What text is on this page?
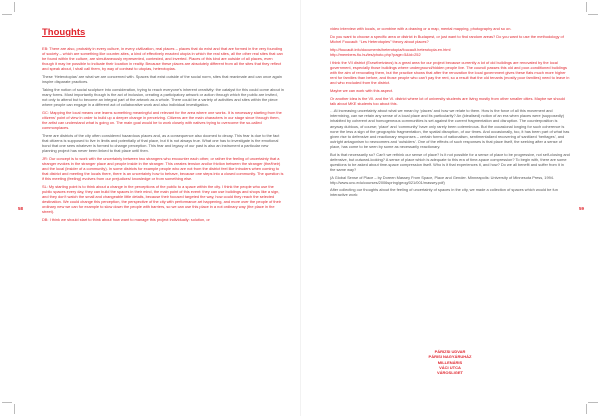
Thoughts

EB: There are also, probably in every culture, in every civilization, real places – places that do exist and that are formed in the very founding of society – which are something like counter-sites, a kind of effectively enacted utopia in which the real sites, all the other real sites that can be found within the culture, are simultaneously represented, contested, and inverted. Places of this kind are outside of all places, even though it may be possible to indicate their location in reality. Because these places are absolutely different from all the sites that they reflect and speak about, I shall call them, by way of contrast to utopias, heterotopias.

These ‘Heterotopias’ are what we are concerned with. Spaces that exist outside of the social norm, sites that reanimate and can once again inspire disparate practices.

Taking the notion of social sculpture into consideration, trying to reach everyone’s inherent creativity: the catalyst for this could come about in many forms. Most importantly though is the act of inclusion, creating a participatory artwork or action through which the public are invited, not only to attend but to become an integral part of the artwork as a whole. There could be a variety of activities and sites within the piece where people can engage in a different act of collaborative work and also individual investigation.

GC: Mapping the local means one learns something meaningful and relevant for the area where one works. It is necessary starting from the citizens’ point of view in order to build up a deeper change in perceiving. Citizens are the main characters in our stage since through them, the artist can understand what is going on. The main goal would be to work closely with natives trying to overcome the so-called commonplaces.

There are districts of the city often considered hazardous places and, as a consequence also doomed to decay. This fear is due to the fact that citizens is supposed to live in limits and potentially of that place, but it is not always true. What one has to investigate is the emotional bond that one sees whatever is formed to change perception. This fear and legacy of our past is also an instrument a particular new planning project has never been linked to that place until then.

JR: Our concept is to work with the uncertainty between two strangers who encounter each other, or rather the feeling of uncertainty that a stranger evokes in the stranger place and people inside in the stranger. This creates tension and/or friction between the stranger (the/their) and the local (insider of a community). In some districts for example people who are not from the district feel like intruders when coming to that district and meeting the locals there, there is an uncertainty how to behave, because one steps into a closed community. The question is if this meeting (feeling) evolves from our prejudices/ knowledge or from something else.

SL: My starting point is to think about a change in the perceptions of the public to a space within the city. I think the people who use the public spaces every day, they can build the spaces in their mind, the main point of this event: they can use buildings and shops like a sign, and they don’t watch the small and changeable little details, because their focused targeted the way, how could they reach the selected destination. We could change this perception, the perspective of the city with performance art happening, and more over the people of their ordinary new we can for example to slow down the people with barriers, so we can use this place in a not ordinary way (the place in the street).

DB: I think we should start to think about how want to manage this project individually: solution, or

58

video interview with locals, or combine with a drawing or a map, mental mapping, photography and so on.

Do you want to choose a specific area or district in Budapest, or just want to find random areas? Do you want to use the methodology of Michel Foucault: “Les Heterotopies” theory about places?

http://foucault.info/documents/heterotopia/foucault.heterotopia.en.html
http://members.fiu.hu/ies/photo.php?page=5&id=252

I think the VII district (Erzsébetváros) is a great area for our project because currently a lot of old buildings are renovated by the local government, especially those buildings where underground/hidden people live. The council passes this old and poor-conditioned buildings with the aim of renovating them, but the practice shows that after the renovation the local government gives these flats much more higher rent for families than before, and those people who can’t pay the rent, so a result that the old tenants (mostly poor families) need to leave in and who excluded from the district.

Maybe we can work with this aspect.

Or another idea is the VII. and the VI. district where lot of university students are living mostly from other smaller cities. Maybe we should talk about MKE students too about this.

…At increasing uncertainty about what we mean by ‘places’ and how we relate to them. How is the force of all this movement and intermixing, can we retain any sense of a local place and its particularity? An (idealised) notion of an era when places were (supposedly) inhabited by coherent and homogeneous communities is set against the current fragmentation and disruption. The counterposition is anyway dubious, of course; ‘place’ and ‘community’ have only rarely been coterminous. But the occasional longing for such coherence is none the less a sign of the geographic fragmentation, the spatial disruption, of our times. And occasionally, too, it has been part of what has given rise to defensive and reactionary responses – certain forms of nationalism, sentimentalized recovering of sanitized ‘heritages’, and outright antagonism to newcomers and ‘outsiders’. One of the effects of such responses is that place itself, the seeking after a sense of place, has come to be seen by some as necessarily reactionary.

But is that necessarily so? Can’t we rethink our sense of place? Is it not possible for a sense of place to be progressive, not self-closing and defensive, but outward-looking? A sense of place which is adequate to this era of time-space compression? To begin with, there are some questions to be asked about time-space compression itself. Who is it that experiences it, and how? Do we all benefit and suffer from it in the same way?

(A Global Sense of Place – by Doreen Massey From Space, Place and Gender. Minneapolis: University of Minnesota Press, 1994. http://www.unc.edu/courses/2006spring/geog/021/001/massey.pdf)

After collecting our thoughts about the feeling of uncertainty of spaces in the city, we made a collection of spaces which would be fun interactive work:

PÁRIZSI UDVAR
PÁRISI NAGYÁRUHÁZ
MILLENÁRIS
VÁCI UTCA
VÁROSLIGET
59
